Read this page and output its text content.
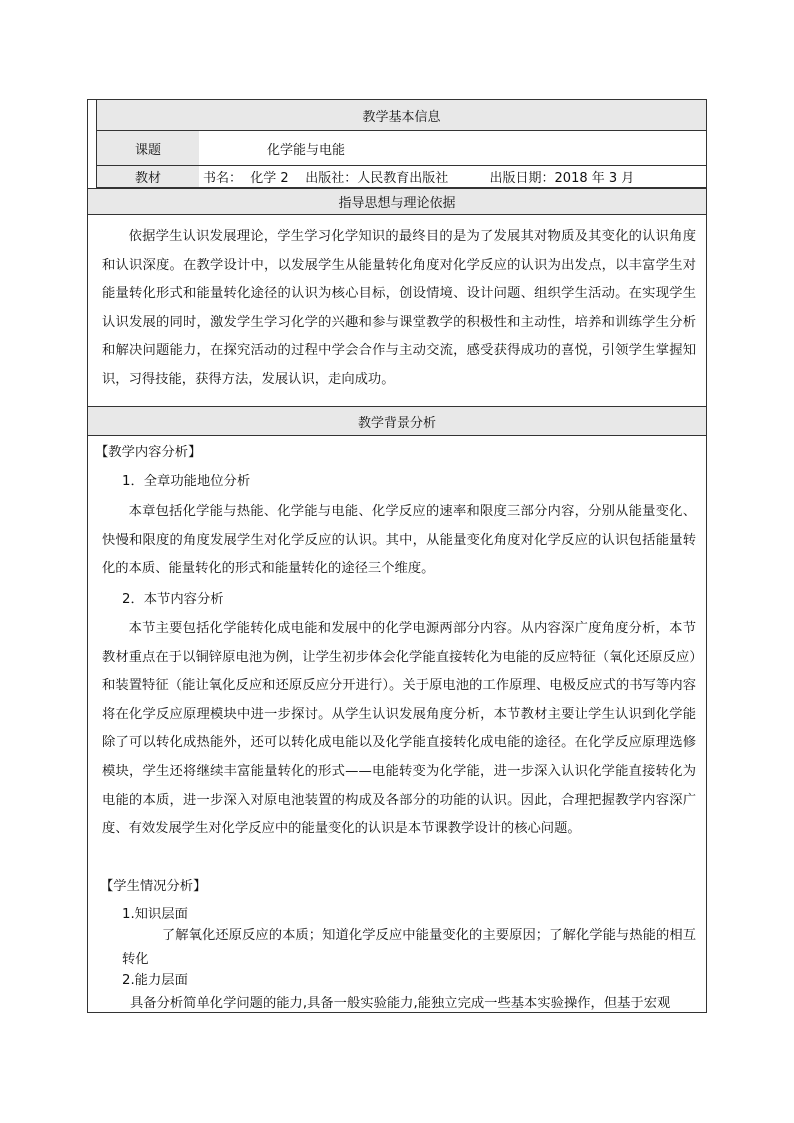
教学基本信息
课题	化学能与电能
教材	书名：  化学 2    出版社：人民教育出版社          出版日期：2018 年 3 月
指导思想与理论依据
依据学生认识发展理论，学生学习化学知识的最终目的是为了发展其对物质及其变化的认识角度和认识深度。在教学设计中，以发展学生从能量转化角度对化学反应的认识为出发点，以丰富学生对能量转化形式和能量转化途径的认识为核心目标，创设情境、设计问题、组织学生活动。在实现学生认识发展的同时，激发学生学习化学的兴趣和参与课堂教学的积极性和主动性，培养和训练学生分析和解决问题能力，在探究活动的过程中学会合作与主动交流，感受获得成功的喜悦，引领学生掌握知识，习得技能，获得方法，发展认识，走向成功。
教学背景分析
【教学内容分析】
1．全章功能地位分析
本章包括化学能与热能、化学能与电能、化学反应的速率和限度三部分内容，分别从能量变化、快慢和限度的角度发展学生对化学反应的认识。其中，从能量变化角度对化学反应的认识包括能量转化的本质、能量转化的形式和能量转化的途径三个维度。
2．本节内容分析
本节主要包括化学能转化成电能和发展中的化学电源两部分内容。从内容深广度角度分析，本节教材重点在于以铜锌原电池为例，让学生初步体会化学能直接转化为电能的反应特征（氧化还原反应）和装置特征（能让氧化反应和还原反应分开进行）。关于原电池的工作原理、电极反应式的书写等内容将在化学反应原理模块中进一步探讨。从学生认识发展角度分析，本节教材主要让学生认识到化学能除了可以转化成热能外，还可以转化成电能以及化学能直接转化成电能的途径。在化学反应原理选修模块，学生还将继续丰富能量转化的形式——电能转变为化学能，进一步深入认识化学能直接转化为电能的本质，进一步深入对原电池装置的构成及各部分的功能的认识。因此，合理把握教学内容深广度、有效发展学生对化学反应中的能量变化的认识是本节课教学设计的核心问题。
【学生情况分析】
1.知识层面
了解氧化还原反应的本质；知道化学反应中能量变化的主要原因；了解化学能与热能的相互转化
2.能力层面
具备分析简单化学问题的能力,具备一般实验能力,能独立完成一些基本实验操作，但基于宏观
